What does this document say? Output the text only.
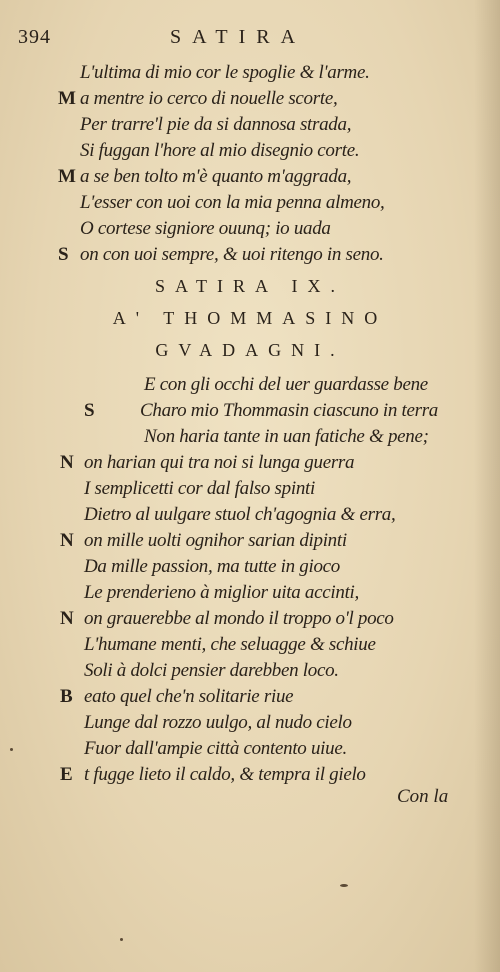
394	SATIRA
L'ultima di mio cor le spoglie & l'arme.
M a mentre io cerco di nouelle scorte,
Per trarre'l pie da si dannosa strada,
Si fuggan l'hore al mio disegnio corte.
M a se ben tolto m'è quanto m'aggrada,
L'esser con uoi con la mia penna almeno,
O cortese signiore ouunq; io uada
S on con uoi sempre, & uoi ritengo in seno.
SATIRA IX.
A' THOMMASINO
GVADAGNI.
E con gli occhi del uer guardasse bene
S Charo mio Thommasin ciascuno in terra
Non haria tante in uan fatiche & pene;
N on harian qui tra noi si lunga guerra
I semplicetti cor dal falso spinti
Dietro al uulgare stuol ch'agognia & erra,
N on mille uolti ognihor sarian dipinti
Da mille passion, ma tutte in gioco
Le prenderieno à miglior uita accinti,
N on grauerebbe al mondo il troppo o'l poco
L'humane menti, che seluagge & schiue
Soli à dolci pensier darebben loco.
B eato quel che'n solitarie riue
Lunge dal rozzo uulgo, al nudo cielo
Fuor dall'ampie città contento uiue.
E t fugge lieto il caldo, & tempra il gielo
Con la
